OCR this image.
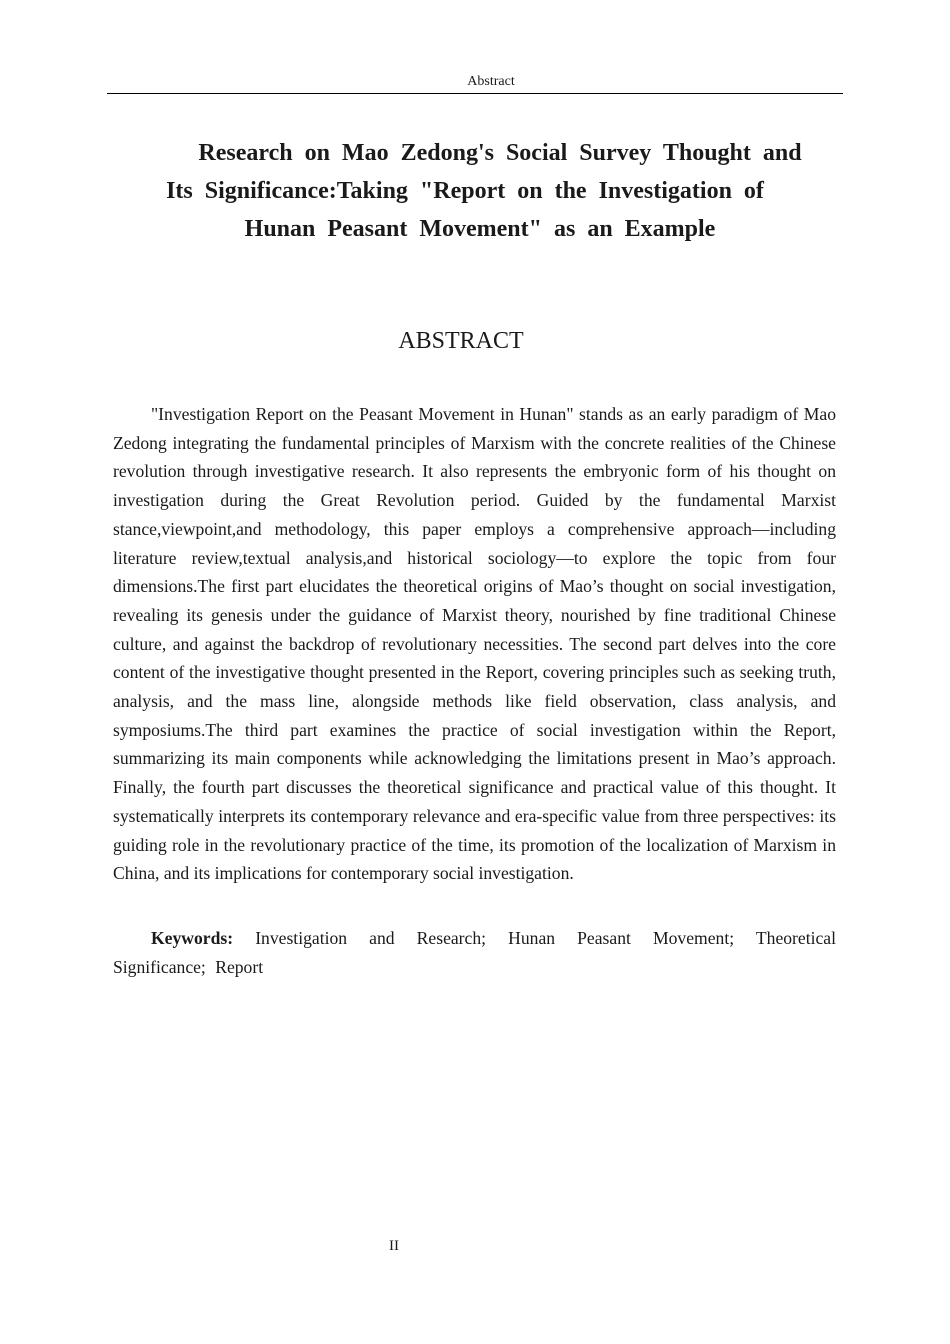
Abstract
Research on Mao Zedong's Social Survey Thought and
Its Significance:Taking "Report on the Investigation of
Hunan Peasant Movement" as an Example
ABSTRACT

"Investigation Report on the Peasant Movement in Hunan" stands as an early paradigm of Mao Zedong integrating the fundamental principles of Marxism with the concrete realities of the Chinese revolution through investigative research. It also represents the embryonic form of his thought on investigation during the Great Revolution period. Guided by the fundamental Marxist stance,viewpoint,and methodology, this paper employs a comprehensive approach—including literature review,textual analysis,and historical sociology—to explore the topic from four dimensions.The first part elucidates the theoretical origins of Mao’s thought on social investigation, revealing its genesis under the guidance of Marxist theory, nourished by fine traditional Chinese culture, and against the backdrop of revolutionary necessities. The second part delves into the core content of the investigative thought presented in the Report, covering principles such as seeking truth, analysis, and the mass line, alongside methods like field observation, class analysis, and symposiums.The third part examines the practice of social investigation within the Report, summarizing its main components while acknowledging the limitations present in Mao’s approach. Finally, the fourth part discusses the theoretical significance and practical value of this thought. It systematically interprets its contemporary relevance and era-specific value from three perspectives: its guiding role in the revolutionary practice of the time, its promotion of the localization of Marxism in China, and its implications for contemporary social investigation.

Keywords: Investigation and Research; Hunan Peasant Movement; Theoretical Significance; Report

II
